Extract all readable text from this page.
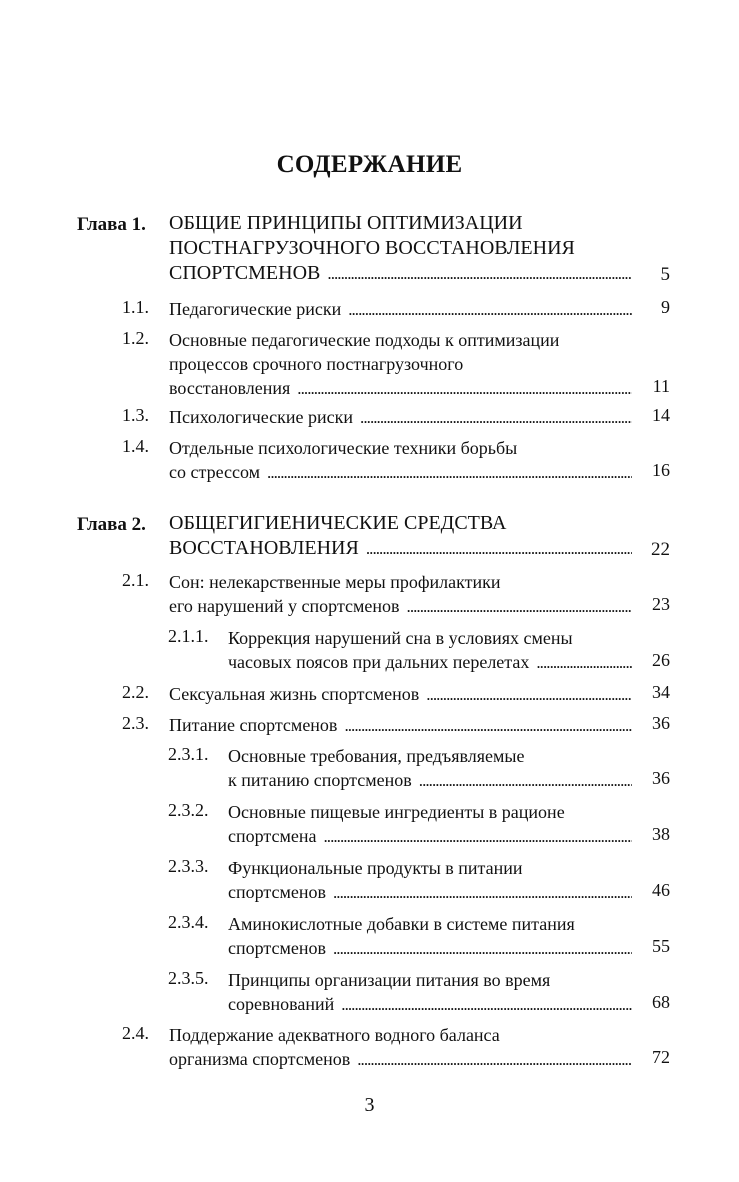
СОДЕРЖАНИЕ
Глава 1. ОБЩИЕ ПРИНЦИПЫ ОПТИМИЗАЦИИ
ПОСТНАГРУЗОЧНОГО ВОССТАНОВЛЕНИЯ
СПОРТСМЕНОВ . . .	5
1.1. Педагогические риски . . .	9
1.2. Основные педагогические подходы к оптимизации
процессов срочного постнагрузочного
восстановления . . .	11
1.3. Психологические риски . . .	14
1.4. Отдельные психологические техники борьбы
со стрессом . . .	16
Глава 2. ОБЩЕГИГИЕНИЧЕСКИЕ СРЕДСТВА
ВОССТАНОВЛЕНИЯ . . .	22
2.1. Сон: нелекарственные меры профилактики
его нарушений у спортсменов . . .	23
2.1.1. Коррекция нарушений сна в условиях смены
часовых поясов при дальних перелетах . . .	26
2.2. Сексуальная жизнь спортсменов . . .	34
2.3. Питание спортсменов . . .	36
2.3.1. Основные требования, предъявляемые
к питанию спортсменов . . .	36
2.3.2. Основные пищевые ингредиенты в рационе
спортсмена . . .	38
2.3.3. Функциональные продукты в питании
спортсменов . . .	46
2.3.4. Аминокислотные добавки в системе питания
спортсменов . . .	55
2.3.5. Принципы организации питания во время
соревнований . . .	68
2.4. Поддержание адекватного водного баланса
организма спортсменов . . .	72
3
